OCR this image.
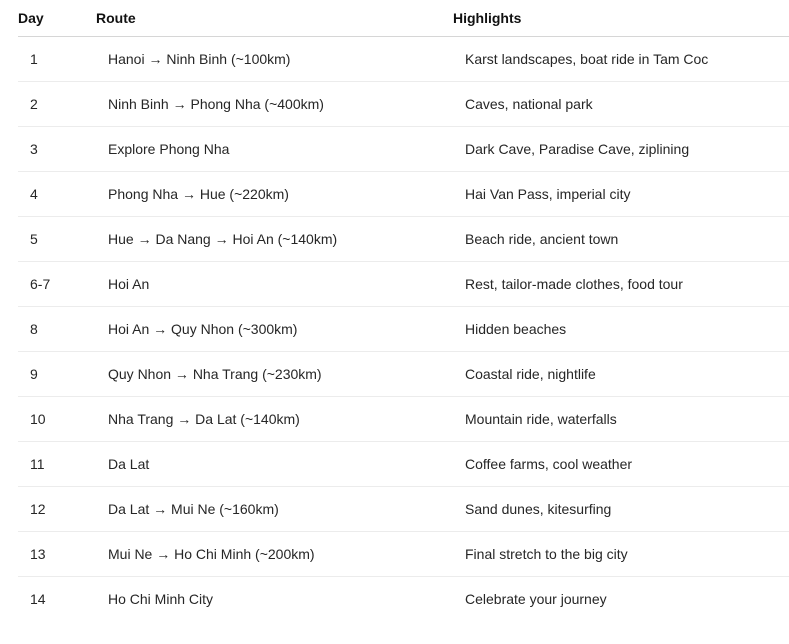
Day	Route	Highlights
1	Hanoi → Ninh Binh (~100km)	Karst landscapes, boat ride in Tam Coc
2	Ninh Binh → Phong Nha (~400km)	Caves, national park
3	Explore Phong Nha	Dark Cave, Paradise Cave, ziplining
4	Phong Nha → Hue (~220km)	Hai Van Pass, imperial city
5	Hue → Da Nang → Hoi An (~140km)	Beach ride, ancient town
6-7	Hoi An	Rest, tailor-made clothes, food tour
8	Hoi An → Quy Nhon (~300km)	Hidden beaches
9	Quy Nhon → Nha Trang (~230km)	Coastal ride, nightlife
10	Nha Trang → Da Lat (~140km)	Mountain ride, waterfalls
11	Da Lat	Coffee farms, cool weather
12	Da Lat → Mui Ne (~160km)	Sand dunes, kitesurfing
13	Mui Ne → Ho Chi Minh (~200km)	Final stretch to the big city
14	Ho Chi Minh City	Celebrate your journey
